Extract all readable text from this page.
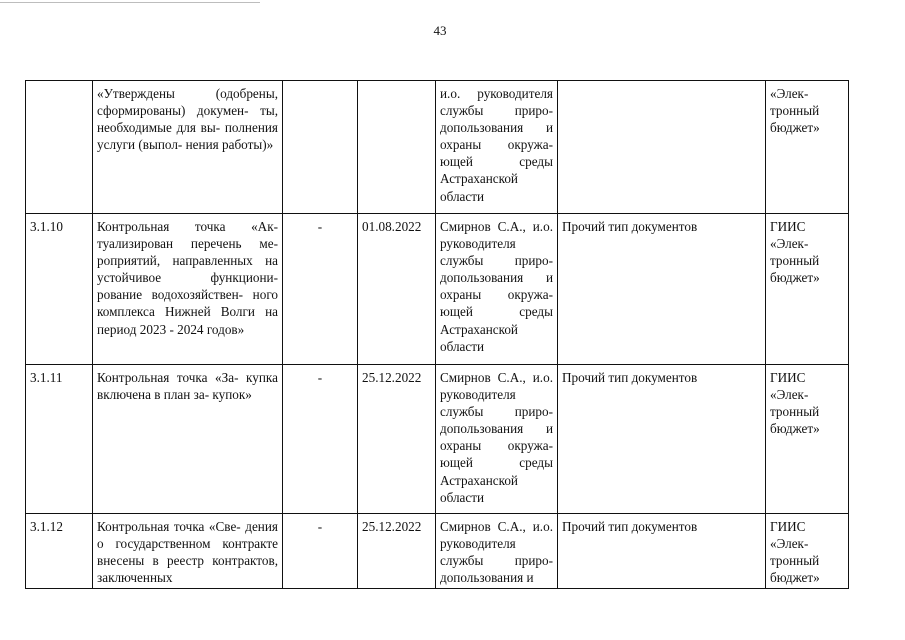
43
	«Утверждены (одобрены, сформированы) докумен- ты, необходимые для вы- полнения услуги (выпол- нения работы)»			и.о. руководителя службы приро- допользования и охраны окружа- ющей среды Астраханской области		«Элек- тронный бюджет»
3.1.10	Контрольная точка «Ак- туализирован перечень ме- роприятий, направленных на устойчивое функциони- рование водохозяйствен- ного комплекса Нижней Волги на период 2023 - 2024 годов»	-	01.08.2022	Смирнов С.А., и.о. руководителя службы приро- допользования и охраны окружа- ющей среды Астраханской области	Прочий тип документов	ГИИС «Элек- тронный бюджет»
3.1.11	Контрольная точка «За- купка включена в план за- купок»	-	25.12.2022	Смирнов С.А., и.о. руководителя службы приро- допользования и охраны окружа- ющей среды Астраханской области	Прочий тип документов	ГИИС «Элек- тронный бюджет»
3.1.12	Контрольная точка «Све- дения о государственном контракте внесены в реестр контрактов, заключенных	-	25.12.2022	Смирнов С.А., и.о. руководителя службы приро- допользования и	Прочий тип документов	ГИИС «Элек- тронный бюджет»
